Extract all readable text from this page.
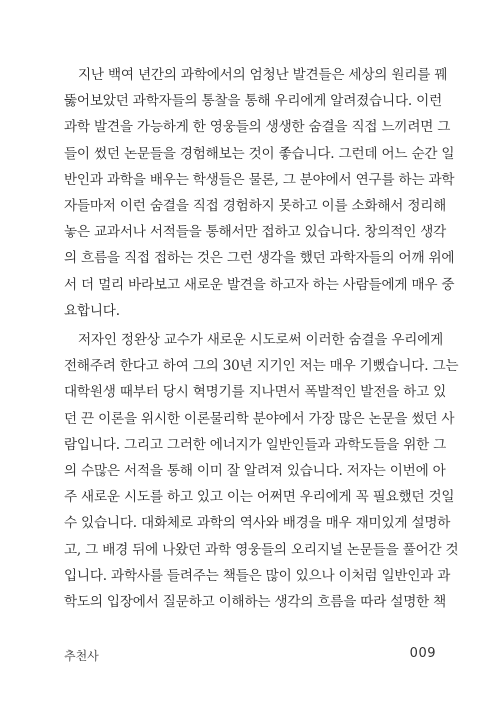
지난 백여 년간의 과학에서의 엄청난 발견들은 세상의 원리를 꿰
뚫어보았던 과학자들의 통찰을 통해 우리에게 알려졌습니다. 이런
과학 발견을 가능하게 한 영웅들의 생생한 숨결을 직접 느끼려면 그
들이 썼던 논문들을 경험해보는 것이 좋습니다. 그런데 어느 순간 일
반인과 과학을 배우는 학생들은 물론, 그 분야에서 연구를 하는 과학
자들마저 이런 숨결을 직접 경험하지 못하고 이를 소화해서 정리해
놓은 교과서나 서적들을 통해서만 접하고 있습니다. 창의적인 생각
의 흐름을 직접 접하는 것은 그런 생각을 했던 과학자들의 어깨 위에
서 더 멀리 바라보고 새로운 발견을 하고자 하는 사람들에게 매우 중
요합니다.
저자인 정완상 교수가 새로운 시도로써 이러한 숨결을 우리에게
전해주려 한다고 하여 그의 30년 지기인 저는 매우 기뻤습니다. 그는
대학원생 때부터 당시 혁명기를 지나면서 폭발적인 발전을 하고 있
던 끈 이론을 위시한 이론물리학 분야에서 가장 많은 논문을 썼던 사
람입니다. 그리고 그러한 에너지가 일반인들과 과학도들을 위한 그
의 수많은 서적을 통해 이미 잘 알려져 있습니다. 저자는 이번에 아
주 새로운 시도를 하고 있고 이는 어쩌면 우리에게 꼭 필요했던 것일
수 있습니다. 대화체로 과학의 역사와 배경을 매우 재미있게 설명하
고, 그 배경 뒤에 나왔던 과학 영웅들의 오리지널 논문들을 풀어간 것
입니다. 과학사를 들려주는 책들은 많이 있으나 이처럼 일반인과 과
학도의 입장에서 질문하고 이해하는 생각의 흐름을 따라 설명한 책
추천사	009
